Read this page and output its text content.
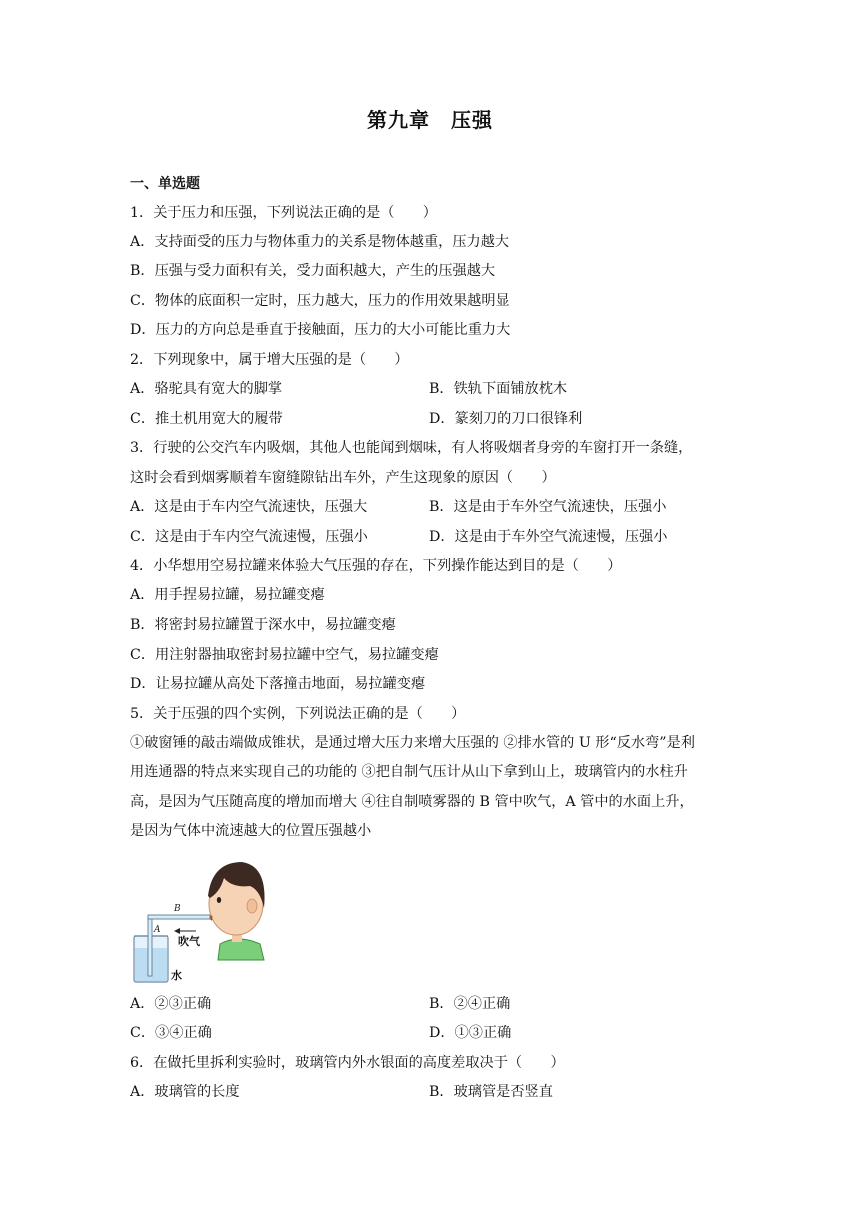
第九章　压强
一、单选题
1．关于压力和压强，下列说法正确的是（　　）
A．支持面受的压力与物体重力的关系是物体越重，压力越大
B．压强与受力面积有关，受力面积越大，产生的压强越大
C．物体的底面积一定时，压力越大，压力的作用效果越明显
D．压力的方向总是垂直于接触面，压力的大小可能比重力大
2．下列现象中，属于增大压强的是（　　）
A．骆驼具有宽大的脚掌	B．铁轨下面铺放枕木
C．推土机用宽大的履带	D．篆刻刀的刀口很锋利
3．行驶的公交汽车内吸烟，其他人也能闻到烟味，有人将吸烟者身旁的车窗打开一条缝，
这时会看到烟雾顺着车窗缝隙钻出车外，产生这现象的原因（　　）
A．这是由于车内空气流速快，压强大	B．这是由于车外空气流速快，压强小
C．这是由于车内空气流速慢，压强小	D．这是由于车外空气流速慢，压强小
4．小华想用空易拉罐来体验大气压强的存在，下列操作能达到目的是（　　）
A．用手捏易拉罐，易拉罐变瘪
B．将密封易拉罐置于深水中，易拉罐变瘪
C．用注射器抽取密封易拉罐中空气，易拉罐变瘪
D．让易拉罐从高处下落撞击地面，易拉罐变瘪
5．关于压强的四个实例，下列说法正确的是（　　）
①破窗锤的敲击端做成锥状，是通过增大压力来增大压强的 ②排水管的 U 形“反水弯”是利
用连通器的特点来实现自己的功能的 ③把自制气压计从山下拿到山上，玻璃管内的水柱升
高，是因为气压随高度的增加而增大 ④往自制喷雾器的 B 管中吹气，A 管中的水面上升，
是因为气体中流速越大的位置压强越小
B
A
吹气
水
A．②③正确	B．②④正确
C．③④正确	D．①③正确
6．在做托里拆利实验时，玻璃管内外水银面的高度差取决于（　　）
A．玻璃管的长度	B．玻璃管是否竖直
